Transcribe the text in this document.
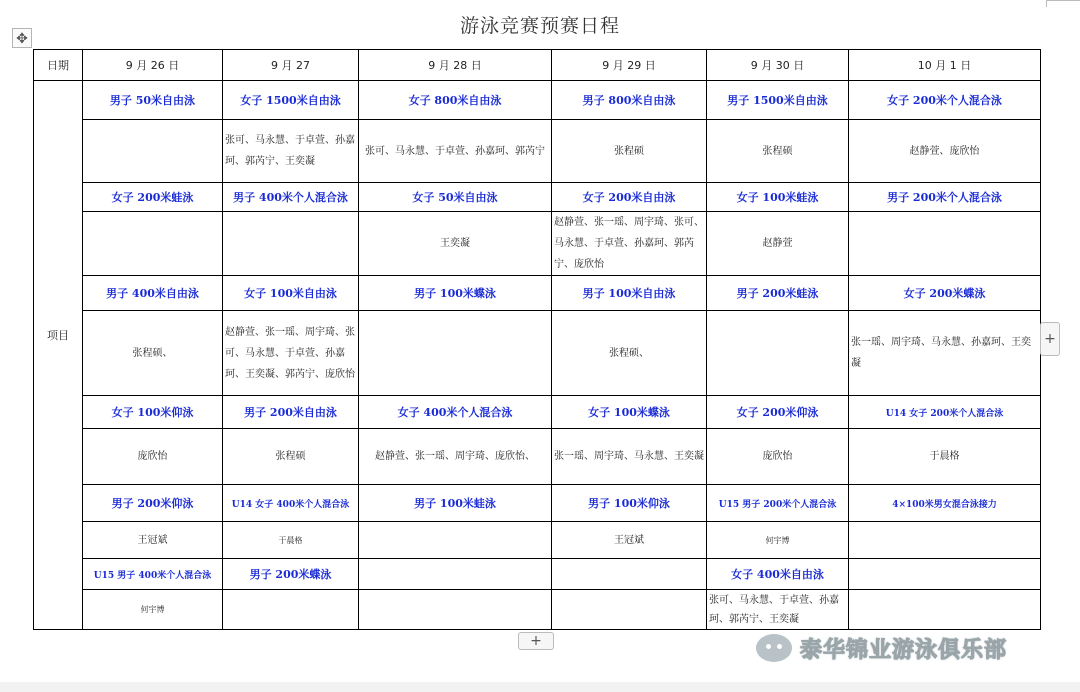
✥
游泳竞赛预赛日程
日期	9 月 26 日	9 月 27	9 月 28 日	9 月 29 日	9 月 30 日	10 月 1 日
项目	男子 50米自由泳	女子 1500米自由泳	女子 800米自由泳	男子 800米自由泳	男子 1500米自由泳	女子 200米个人混合泳
		张可、马永慧、于卓萱、孙嘉珂、郭芮宁、王奕凝	张可、马永慧、于卓萱、孙嘉珂、郭芮宁	张程硕	张程硕	赵静萱、庞欣怡
	女子 200米蛙泳	男子 400米个人混合泳	女子 50米自由泳	女子 200米自由泳	女子 100米蛙泳	男子 200米个人混合泳
			王奕凝	赵静萱、张一瑶、周宇琦、张可、马永慧、于卓萱、孙嘉珂、郭芮宁、庞欣怡	赵静萱	
	男子 400米自由泳	女子 100米自由泳	男子 100米蝶泳	男子 100米自由泳	男子 200米蛙泳	女子 200米蝶泳
	张程硕、	赵静萱、张一瑶、周宇琦、张可、马永慧、于卓萱、孙嘉珂、王奕凝、郭芮宁、庞欣怡		张程硕、		张一瑶、周宇琦、马永慧、孙嘉珂、王奕凝
	女子 100米仰泳	男子 200米自由泳	女子 400米个人混合泳	女子 100米蝶泳	女子 200米仰泳	U14 女子 200米个人混合泳
	庞欣怡	张程硕	赵静萱、张一瑶、周宇琦、庞欣怡、	张一瑶、周宇琦、马永慧、王奕凝	庞欣怡	于晨格
	男子 200米仰泳	U14 女子 400米个人混合泳	男子 100米蛙泳	男子 100米仰泳	U15 男子 200米个人混合泳	4×100米男女混合泳接力
	王冠斌	于晨格		王冠斌	何宇博	
	U15 男子 400米个人混合泳	男子 200米蝶泳			女子 400米自由泳	
	何宇博				张可、马永慧、于卓萱、孙嘉珂、郭芮宁、王奕凝	
+
+	泰华锦业游泳俱乐部
